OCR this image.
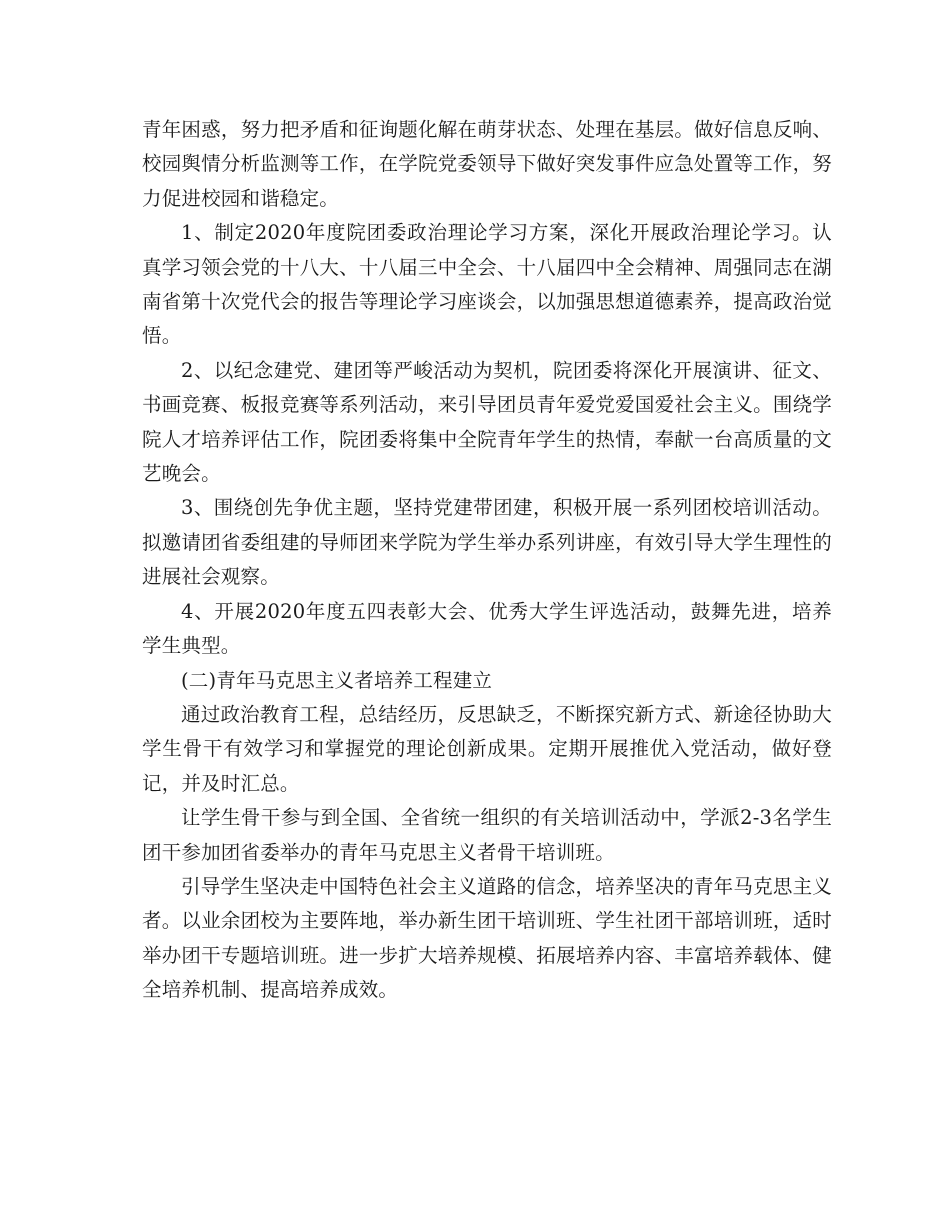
青年困惑，努力把矛盾和征询题化解在萌芽状态、处理在基层。做好信息反响、校园舆情分析监测等工作，在学院党委领导下做好突发事件应急处置等工作，努力促进校园和谐稳定。

1、制定2020年度院团委政治理论学习方案，深化开展政治理论学习。认真学习领会党的十八大、十八届三中全会、十八届四中全会精神、周强同志在湖南省第十次党代会的报告等理论学习座谈会，以加强思想道德素养，提高政治觉悟。

2、以纪念建党、建团等严峻活动为契机，院团委将深化开展演讲、征文、书画竞赛、板报竞赛等系列活动，来引导团员青年爱党爱国爱社会主义。围绕学院人才培养评估工作，院团委将集中全院青年学生的热情，奉献一台高质量的文艺晚会。

3、围绕创先争优主题，坚持党建带团建，积极开展一系列团校培训活动。拟邀请团省委组建的导师团来学院为学生举办系列讲座，有效引导大学生理性的进展社会观察。

4、开展2020年度五四表彰大会、优秀大学生评选活动，鼓舞先进，培养学生典型。

(二)青年马克思主义者培养工程建立

通过政治教育工程，总结经历，反思缺乏，不断探究新方式、新途径协助大学生骨干有效学习和掌握党的理论创新成果。定期开展推优入党活动，做好登记，并及时汇总。

让学生骨干参与到全国、全省统一组织的有关培训活动中，学派2-3名学生团干参加团省委举办的青年马克思主义者骨干培训班。

引导学生坚决走中国特色社会主义道路的信念，培养坚决的青年马克思主义者。以业余团校为主要阵地，举办新生团干培训班、学生社团干部培训班，适时举办团干专题培训班。进一步扩大培养规模、拓展培养内容、丰富培养载体、健全培养机制、提高培养成效。
